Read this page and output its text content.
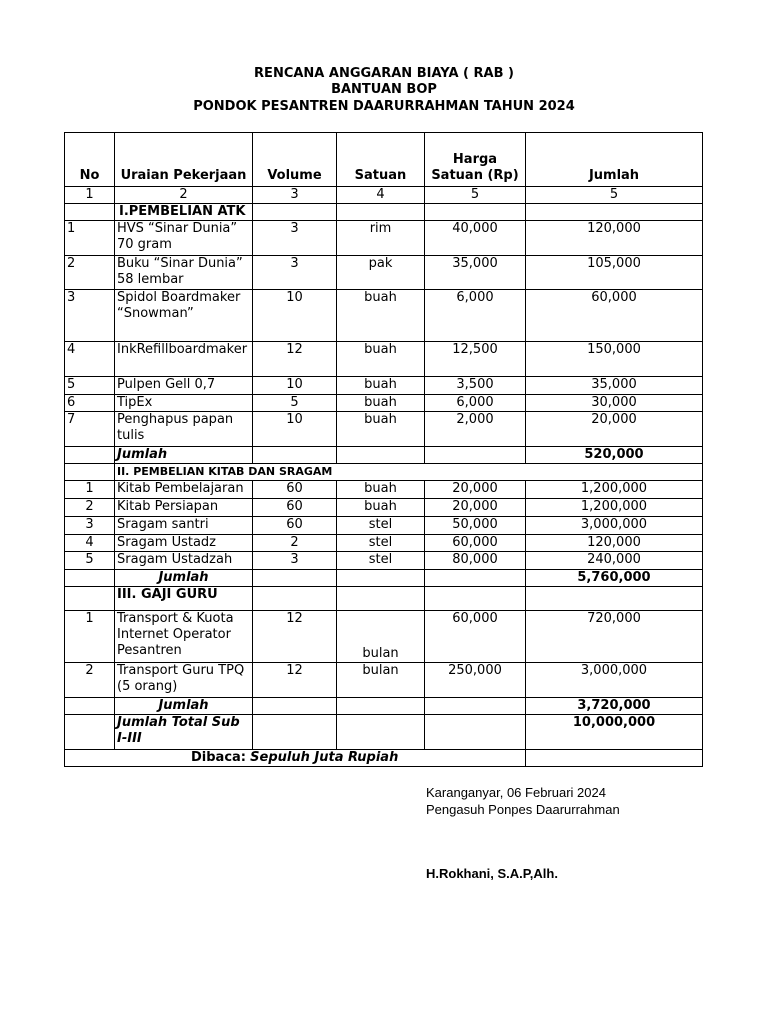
RENCANA ANGGARAN BIAYA ( RAB )
BANTUAN BOP
PONDOK PESANTREN DAARURRAHMAN TAHUN 2024
No	Uraian Pekerjaan	Volume	Satuan	Harga Satuan (Rp)	Jumlah
1	2	3	4	5	5
	I.PEMBELIAN ATK				
1	HVS “Sinar Dunia” 70 gram	3	rim	40,000	120,000
2	Buku “Sinar Dunia” 58 lembar	3	pak	35,000	105,000
3	Spidol Boardmaker “Snowman”	10	buah	6,000	60,000
4	InkRefillboardmaker	12	buah	12,500	150,000
5	Pulpen Gell 0,7	10	buah	3,500	35,000
6	TipEx	5	buah	6,000	30,000
7	Penghapus papan tulis	10	buah	2,000	20,000
	Jumlah				520,000
	II. PEMBELIAN KITAB DAN SRAGAM				
1	Kitab Pembelajaran	60	buah	20,000	1,200,000
2	Kitab Persiapan	60	buah	20,000	1,200,000
3	Sragam santri	60	stel	50,000	3,000,000
4	Sragam Ustadz	2	stel	60,000	120,000
5	Sragam Ustadzah	3	stel	80,000	240,000
	Jumlah				5,760,000
	III. GAJI GURU				
1	Transport & Kuota Internet Operator Pesantren	12	bulan	60,000	720,000
2	Transport Guru TPQ (5 orang)	12	bulan	250,000	3,000,000
	Jumlah				3,720,000
	Jumlah Total Sub I-III				10,000,000
Dibaca: Sepuluh Juta Rupiah					
Karanganyar, 06 Februari 2024
Pengasuh Ponpes Daarurrahman
H.Rokhani, S.A.P,Alh.
